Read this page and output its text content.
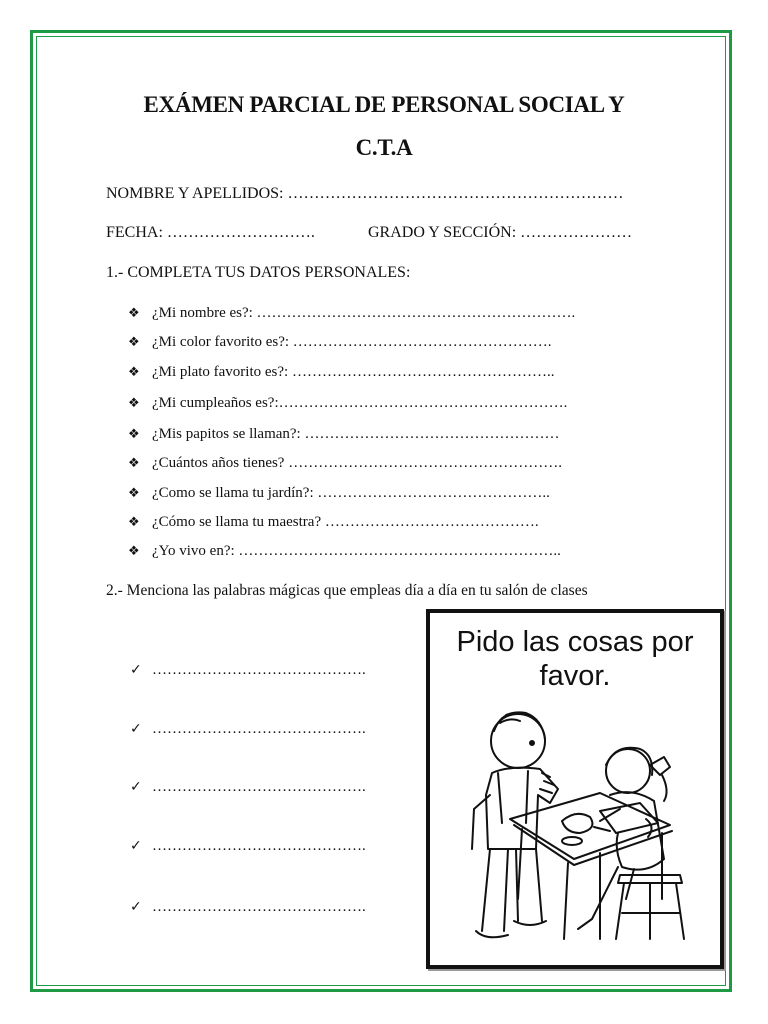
EXÁMEN PARCIAL DE PERSONAL SOCIAL Y
C.T.A
NOMBRE Y APELLIDOS: ………………………………………………………
FECHA: ……………………….	GRADO Y SECCIÓN: …………………
1.- COMPLETA TUS DATOS PERSONALES:
❖ ¿Mi nombre es?: ……………………………………………………….
❖ ¿Mi color favorito es?: …………………………………………….
❖ ¿Mi plato favorito es?: ……………………………………………..
❖ ¿Mi cumpleaños es?:………………………………………………….
❖ ¿Mis papitos se llaman?: ……………………………………………
❖ ¿Cuántos años tienes? ……………………………………………….
❖ ¿Como se llama tu jardín?: ………………………………………..
❖ ¿Cómo se llama tu maestra? …………………………………….
❖ ¿Yo vivo en?: ………………………………………………………..
2.- Menciona las palabras mágicas que empleas día a día en tu salón de clases
✓ …………………………………….
✓ …………………………………….
✓ …………………………………….
✓ …………………………………….
✓ …………………………………….
Pido las cosas por
favor.
